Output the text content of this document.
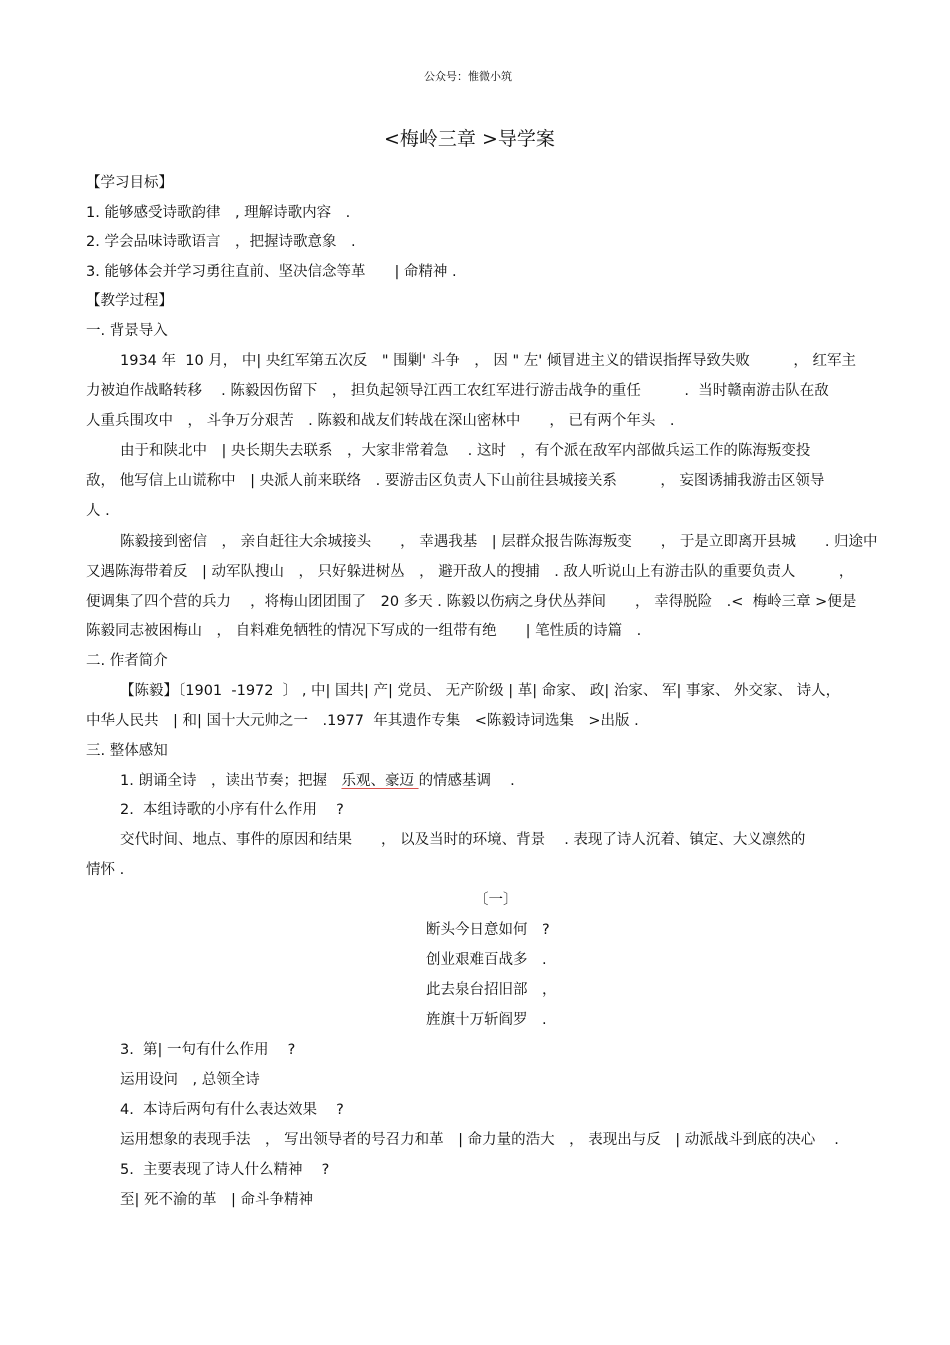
公众号：惟微小筑
<梅岭三章 >导学案
【学习目标】
1. 能够感受诗歌韵律　, 理解诗歌内容　.
2. 学会品味诗歌语言　，把握诗歌意象　.
3. 能够体会并学习勇往直前、坚决信念等革　　| 命精神 .
【教学过程】
一. 背景导入
1934 年  10 月， 中| 央红军第五次反　" 围剿' 斗争　， 因 " 左' 倾冒进主义的错误指挥导致失败　　　， 红军主
力被迫作战略转移　 . 陈毅因伤留下　， 担负起领导江西工农红军进行游击战争的重任　　　.  当时赣南游击队在敌
人重兵围攻中　， 斗争万分艰苦　. 陈毅和战友们转战在深山密林中　　， 已有两个年头　.
由于和陕北中　| 央长期失去联系　，大家非常着急　 . 这时　，有个派在敌军内部做兵运工作的陈海叛变投
敌， 他写信上山谎称中　| 央派人前来联络　. 要游击区负责人下山前往县城接关系　　　， 妄图诱捕我游击区领导
人 .
陈毅接到密信　， 亲自赶往大余城接头　　， 幸遇我基　| 层群众报告陈海叛变　　， 于是立即离开县城　　. 归途中
又遇陈海带着反　| 动军队搜山　， 只好躲进树丛　， 避开敌人的搜捕　. 敌人听说山上有游击队的重要负责人　　　，
便调集了四个营的兵力　 ，将梅山团团围了　20 多天 . 陈毅以伤病之身伏丛莽间　　， 幸得脱险　.<  梅岭三章 >便是
陈毅同志被困梅山　， 自料难免牺牲的情况下写成的一组带有绝　　| 笔性质的诗篇　.
二. 作者简介
【陈毅】〔1901  -1972  〕 , 中| 国共| 产| 党员、 无产阶级 | 革| 命家、 政| 治家、 军| 事家、 外交家、 诗人，
中华人民共　| 和| 国十大元帅之一　.1977  年其遗作专集　<陈毅诗词选集　>出版 .
三. 整体感知
1. 朗诵全诗　，读出节奏；把握　乐观、豪迈 的情感基调　 .
2.  本组诗歌的小序有什么作用　 ?
交代时间、地点、事件的原因和结果　　， 以及当时的环境、背景　 . 表现了诗人沉着、镇定、大义凛然的
情怀 .
〔一〕
断头今日意如何　?
创业艰难百战多　.
此去泉台招旧部　，
旌旗十万斩阎罗　.
3.  第| 一句有什么作用　 ?
运用设问　, 总领全诗
4.  本诗后两句有什么表达效果　 ?
运用想象的表现手法　， 写出领导者的号召力和革　| 命力量的浩大　， 表现出与反　| 动派战斗到底的决心　 .
5.  主要表现了诗人什么精神　 ?
至| 死不渝的革　| 命斗争精神
